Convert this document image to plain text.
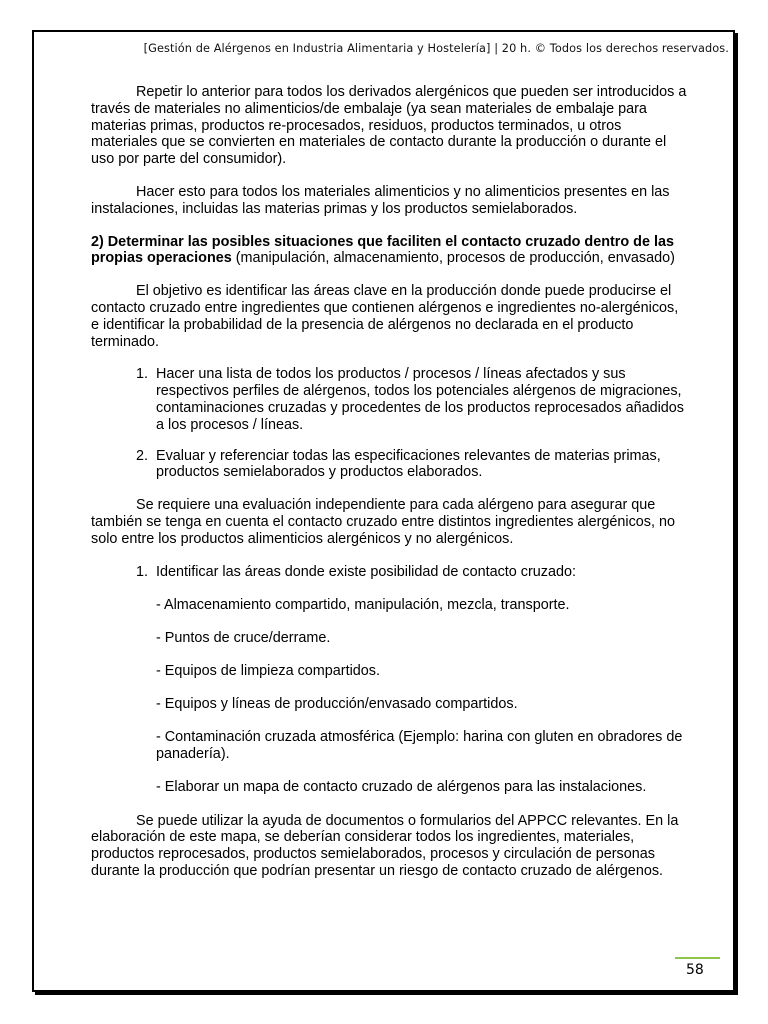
[Gestión de Alérgenos en Industria Alimentaria y Hostelería] | 20 h. © Todos los derechos reservados.

Repetir lo anterior para todos los derivados alergénicos que pueden ser introducidos a través de materiales no alimenticios/de embalaje (ya sean materiales de embalaje para materias primas, productos re-procesados, residuos, productos terminados, u otros materiales que se convierten en materiales de contacto durante la producción o durante el uso por parte del consumidor).

Hacer esto para todos los materiales alimenticios y no alimenticios presentes en las instalaciones, incluidas las materias primas y los productos semielaborados.

2) Determinar las posibles situaciones que faciliten el contacto cruzado dentro de las propias operaciones (manipulación, almacenamiento, procesos de producción, envasado)

El objetivo es identificar las áreas clave en la producción donde puede producirse el contacto cruzado entre ingredientes que contienen alérgenos e ingredientes no-alergénicos, e identificar la probabilidad de la presencia de alérgenos no declarada en el producto terminado.

1. Hacer una lista de todos los productos / procesos / líneas afectados y sus respectivos perfiles de alérgenos, todos los potenciales alérgenos de migraciones, contaminaciones cruzadas y procedentes de los productos reprocesados añadidos a los procesos / líneas.
2. Evaluar y referenciar todas las especificaciones relevantes de materias primas, productos semielaborados y productos elaborados.

Se requiere una evaluación independiente para cada alérgeno para asegurar que también se tenga en cuenta el contacto cruzado entre distintos ingredientes alergénicos, no solo entre los productos alimenticios alergénicos y no alergénicos.

1. Identificar las áreas donde existe posibilidad de contacto cruzado:
- Almacenamiento compartido, manipulación, mezcla, transporte.
- Puntos de cruce/derrame.
- Equipos de limpieza compartidos.
- Equipos y líneas de producción/envasado compartidos.
- Contaminación cruzada atmosférica (Ejemplo: harina con gluten en obradores de panadería).
- Elaborar un mapa de contacto cruzado de alérgenos para las instalaciones.

Se puede utilizar la ayuda de documentos o formularios del APPCC relevantes. En la elaboración de este mapa, se deberían considerar todos los ingredientes, materiales, productos reprocesados, productos semielaborados, procesos y circulación de personas durante la producción que podrían presentar un riesgo de contacto cruzado de alérgenos.

58
